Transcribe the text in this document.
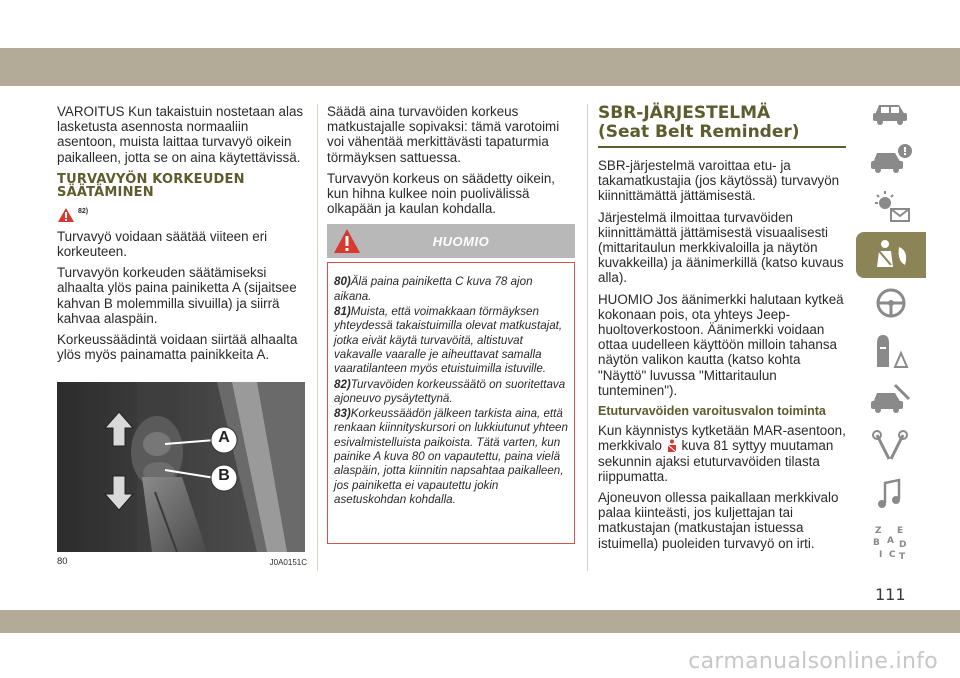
VAROITUS Kun takaistuin nostetaan alas lasketusta asennosta normaaliin asentoon, muista laittaa turvavyö oikein paikalleen, jotta se on aina käytettävissä.

TURVAVYÖN KORKEUDEN
SÄÄTÄMINEN
82)

Turvavyö voidaan säätää viiteen eri korkeuteen.

Turvavyön korkeuden säätämiseksi alhaalta ylös paina painiketta A (sijaitsee kahvan B molemmilla sivuilla) ja siirrä kahvaa alaspäin.

Korkeussäädintä voidaan siirtää alhaalta ylös myös painamatta painikkeita A.

A
B
80	J0A0151C

Säädä aina turvavöiden korkeus matkustajalle sopivaksi: tämä varotoimi voi vähentää merkittävästi tapaturmia törmäyksen sattuessa.

Turvavyön korkeus on säädetty oikein, kun hihna kulkee noin puolivälissä olkapään ja kaulan kohdalla.

HUOMIO
80)Älä paina painiketta C kuva 78 ajon aikana.
81)Muista, että voimakkaan törmäyksen yhteydessä takaistuimilla olevat matkustajat, jotka eivät käytä turvavöitä, altistuvat vakavalle vaaralle je aiheuttavat samalla vaaratilanteen myös etuistuimilla istuville.
82)Turvavöiden korkeussäätö on suoritettava ajoneuvo pysäytettynä.
83)Korkeussäädön jälkeen tarkista aina, että renkaan kiinnityskursori on lukkiutunut yhteen esivalmistelluista paikoista. Tätä varten, kun painike A kuva 80 on vapautettu, paina vielä alaspäin, jotta kiinnitin napsahtaa paikalleen, jos painiketta ei vapautettu jokin asetuskohdan kohdalla.
SBR-JÄRJESTELMÄ
(Seat Belt Reminder)

SBR-järjestelmä varoittaa etu- ja takamatkustajia (jos käytössä) turvavyön kiinnittämättä jättämisestä.

Järjestelmä ilmoittaa turvavöiden kiinnittämättä jättämisestä visuaalisesti (mittaritaulun merkkivaloilla ja näytön kuvakkeilla) ja äänimerkillä (katso kuvaus alla).

HUOMIO Jos äänimerkki halutaan kytkeä kokonaan pois, ota yhteys Jeep-huoltoverkostoon. Äänimerkki voidaan ottaa uudelleen käyttöön milloin tahansa näytön valikon kautta (katso kohta "Näyttö" luvussa "Mittaritaulun tunteminen").

Etuturvavöiden varoitusvalon toiminta

Kun käynnistys kytketään MAR-asentoon, merkkivalo kuva 81 syttyy muutaman sekunnin ajaksi etuturvavöiden tilasta riippumatta.

Ajoneuvon ollessa paikallaan merkkivalo palaa kiinteästi, jos kuljettajan tai matkustajan (matkustajan istuessa istuimella) puoleiden turvavyö on irti.

Z E
B A D
I C T
111
carmanualsonline.info
